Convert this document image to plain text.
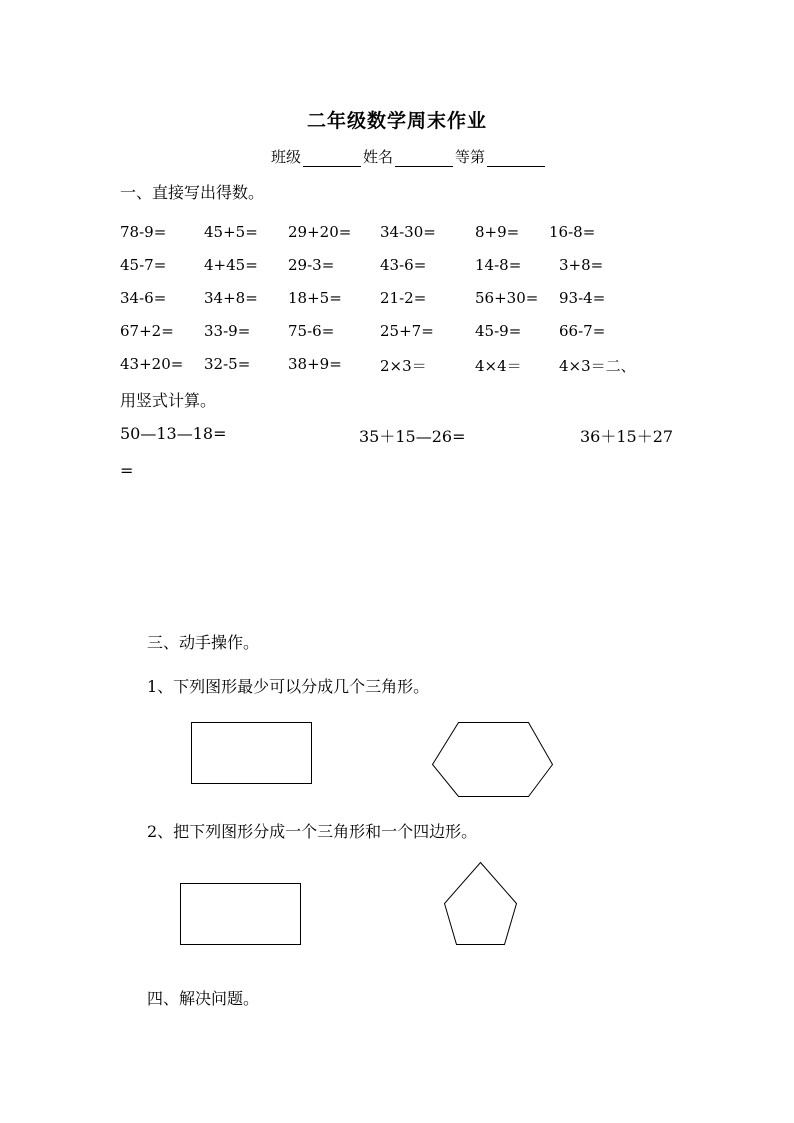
二年级数学周末作业
班级	姓名	等第
一、直接写出得数。
78-9=	45+5= 29+20= 34-30=	8+9= 16-8=
45-7=	4+45= 29-3=	43-6=	14-8=	3+8=
34-6=	34+8= 18+5=	21-2=	56+30= 93-4=
67+2= 33-9=	75-6=	25+7=	45-9=	66-7=
43+20= 32-5=	38+9=	2×3＝	4×4＝ 4×3＝二、
用竖式计算。
50—13—18=	35＋15—26=	36＋15＋27
=
三、动手操作。
1、下列图形最少可以分成几个三角形。
2、把下列图形分成一个三角形和一个四边形。
四、解决问题。
